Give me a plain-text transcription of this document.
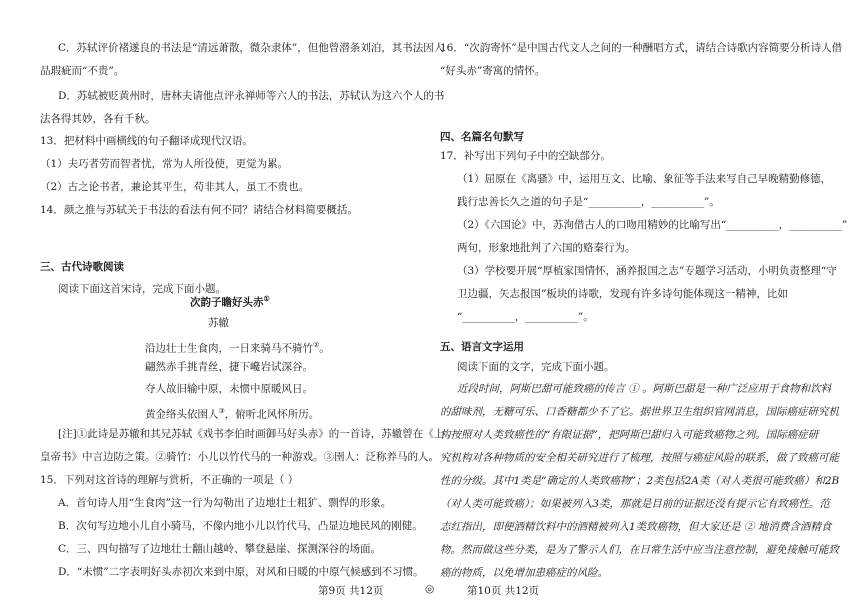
C．苏轼评价褚遂良的书法是“清远萧散，微杂隶体”，但他曾潜条刘泊，其书法因人
品瑕疵而“不贵”。
D．苏轼被贬黄州时，唐林夫请他点评永禅师等六人的书法，苏轼认为这六个人的书
法各得其妙，各有千秋。
13．把材料中画横线的句子翻译成现代汉语。
（1）夫巧者劳而智者忧，常为人所役使，更觉为累。
（2）古之论书者，兼论其平生，苟非其人，虽工不贵也。
14．颜之推与苏轼关于书法的看法有何不同？请结合材料简要概括。
三、古代诗歌阅读
阅读下面这首宋诗，完成下面小题。
次韵子瞻好头赤①
苏辙
沿边壮士生食肉，一日来骑马不骑竹②。
翩然赤手挑青丝，捷下巉岩试深谷。
夺人故旧输中原，未惯中原暖风日。
黄金络头依圉人③，俯听北风怀所历。
[注]①此诗是苏辙和其兄苏轼《戏书李伯时画御马好头赤》的一首诗，苏辙曾在《上
皇帝书》中言边防之策。②骑竹：小儿以竹代马的一种游戏。③圉人：泛称养马的人。
15．下列对这首诗的理解与赏析，不正确的一项是（ ）
A．首句诗人用“生食肉”这一行为勾勒出了边地壮士粗犷、剽悍的形象。
B．次句写边地小儿自小骑马，不像内地小儿以竹代马，凸显边地民风的刚健。
C．三、四句描写了边地壮士翻山越岭、攀登悬崖、探测深谷的场面。
D．“未惯”二字表明好头赤初次来到中原，对风和日暖的中原气候感到不习惯。
16．“次韵寄怀”是中国古代文人之间的一种酬唱方式，请结合诗歌内容简要分析诗人借
“好头赤”寄寓的情怀。
四、名篇名句默写
17．补写出下列句子中的空缺部分。
（1）屈原在《离骚》中，运用互文、比喻、象征等手法来写自己早晚精勤修德，
践行忠善长久之道的句子是“__________，__________”。
（2）《六国论》中，苏洵借古人的口吻用精妙的比喻写出“__________，__________”
两句，形象地批判了六国的赂秦行为。
（3）学校要开展“厚植家国情怀，涵养报国之志”专题学习活动，小明负责整理“守
卫边疆，矢志报国”板块的诗歌，发现有许多诗句能体现这一精神，比如
“__________，__________”。
五、语言文字运用
阅读下面的文字，完成下面小题。
近段时间，阿斯巴甜可能致癌的传言 ① 。阿斯巴甜是一种广泛应用于食物和饮料
的甜味剂，无糖可乐、口香糖都少不了它。据世界卫生组织官网消息，国际癌症研究机
构按照对人类致癌性的“有限证据”，把阿斯巴甜归入可能致癌物之列。国际癌症研
究机构对各种物质的安全相关研究进行了梳理，按照与癌症风险的联系，做了致癌可能
性的分级。其中1类是“确定的人类致癌物”；2类包括2A类（对人类很可能致癌）和2B
（对人类可能致癌）；如果被列入3类，那就是目前的证据还没有提示它有致癌性。范
志红指出，即便酒精饮料中的酒精被列入1类致癌物，但大家还是 ② 地消费含酒精食
物。然而做这些分类，是为了警示人们，在日常生活中应当注意控制，避免接触可能致
癌的物质，以免增加患癌症的风险。
第9页 共12页	◎	第10页 共12页
